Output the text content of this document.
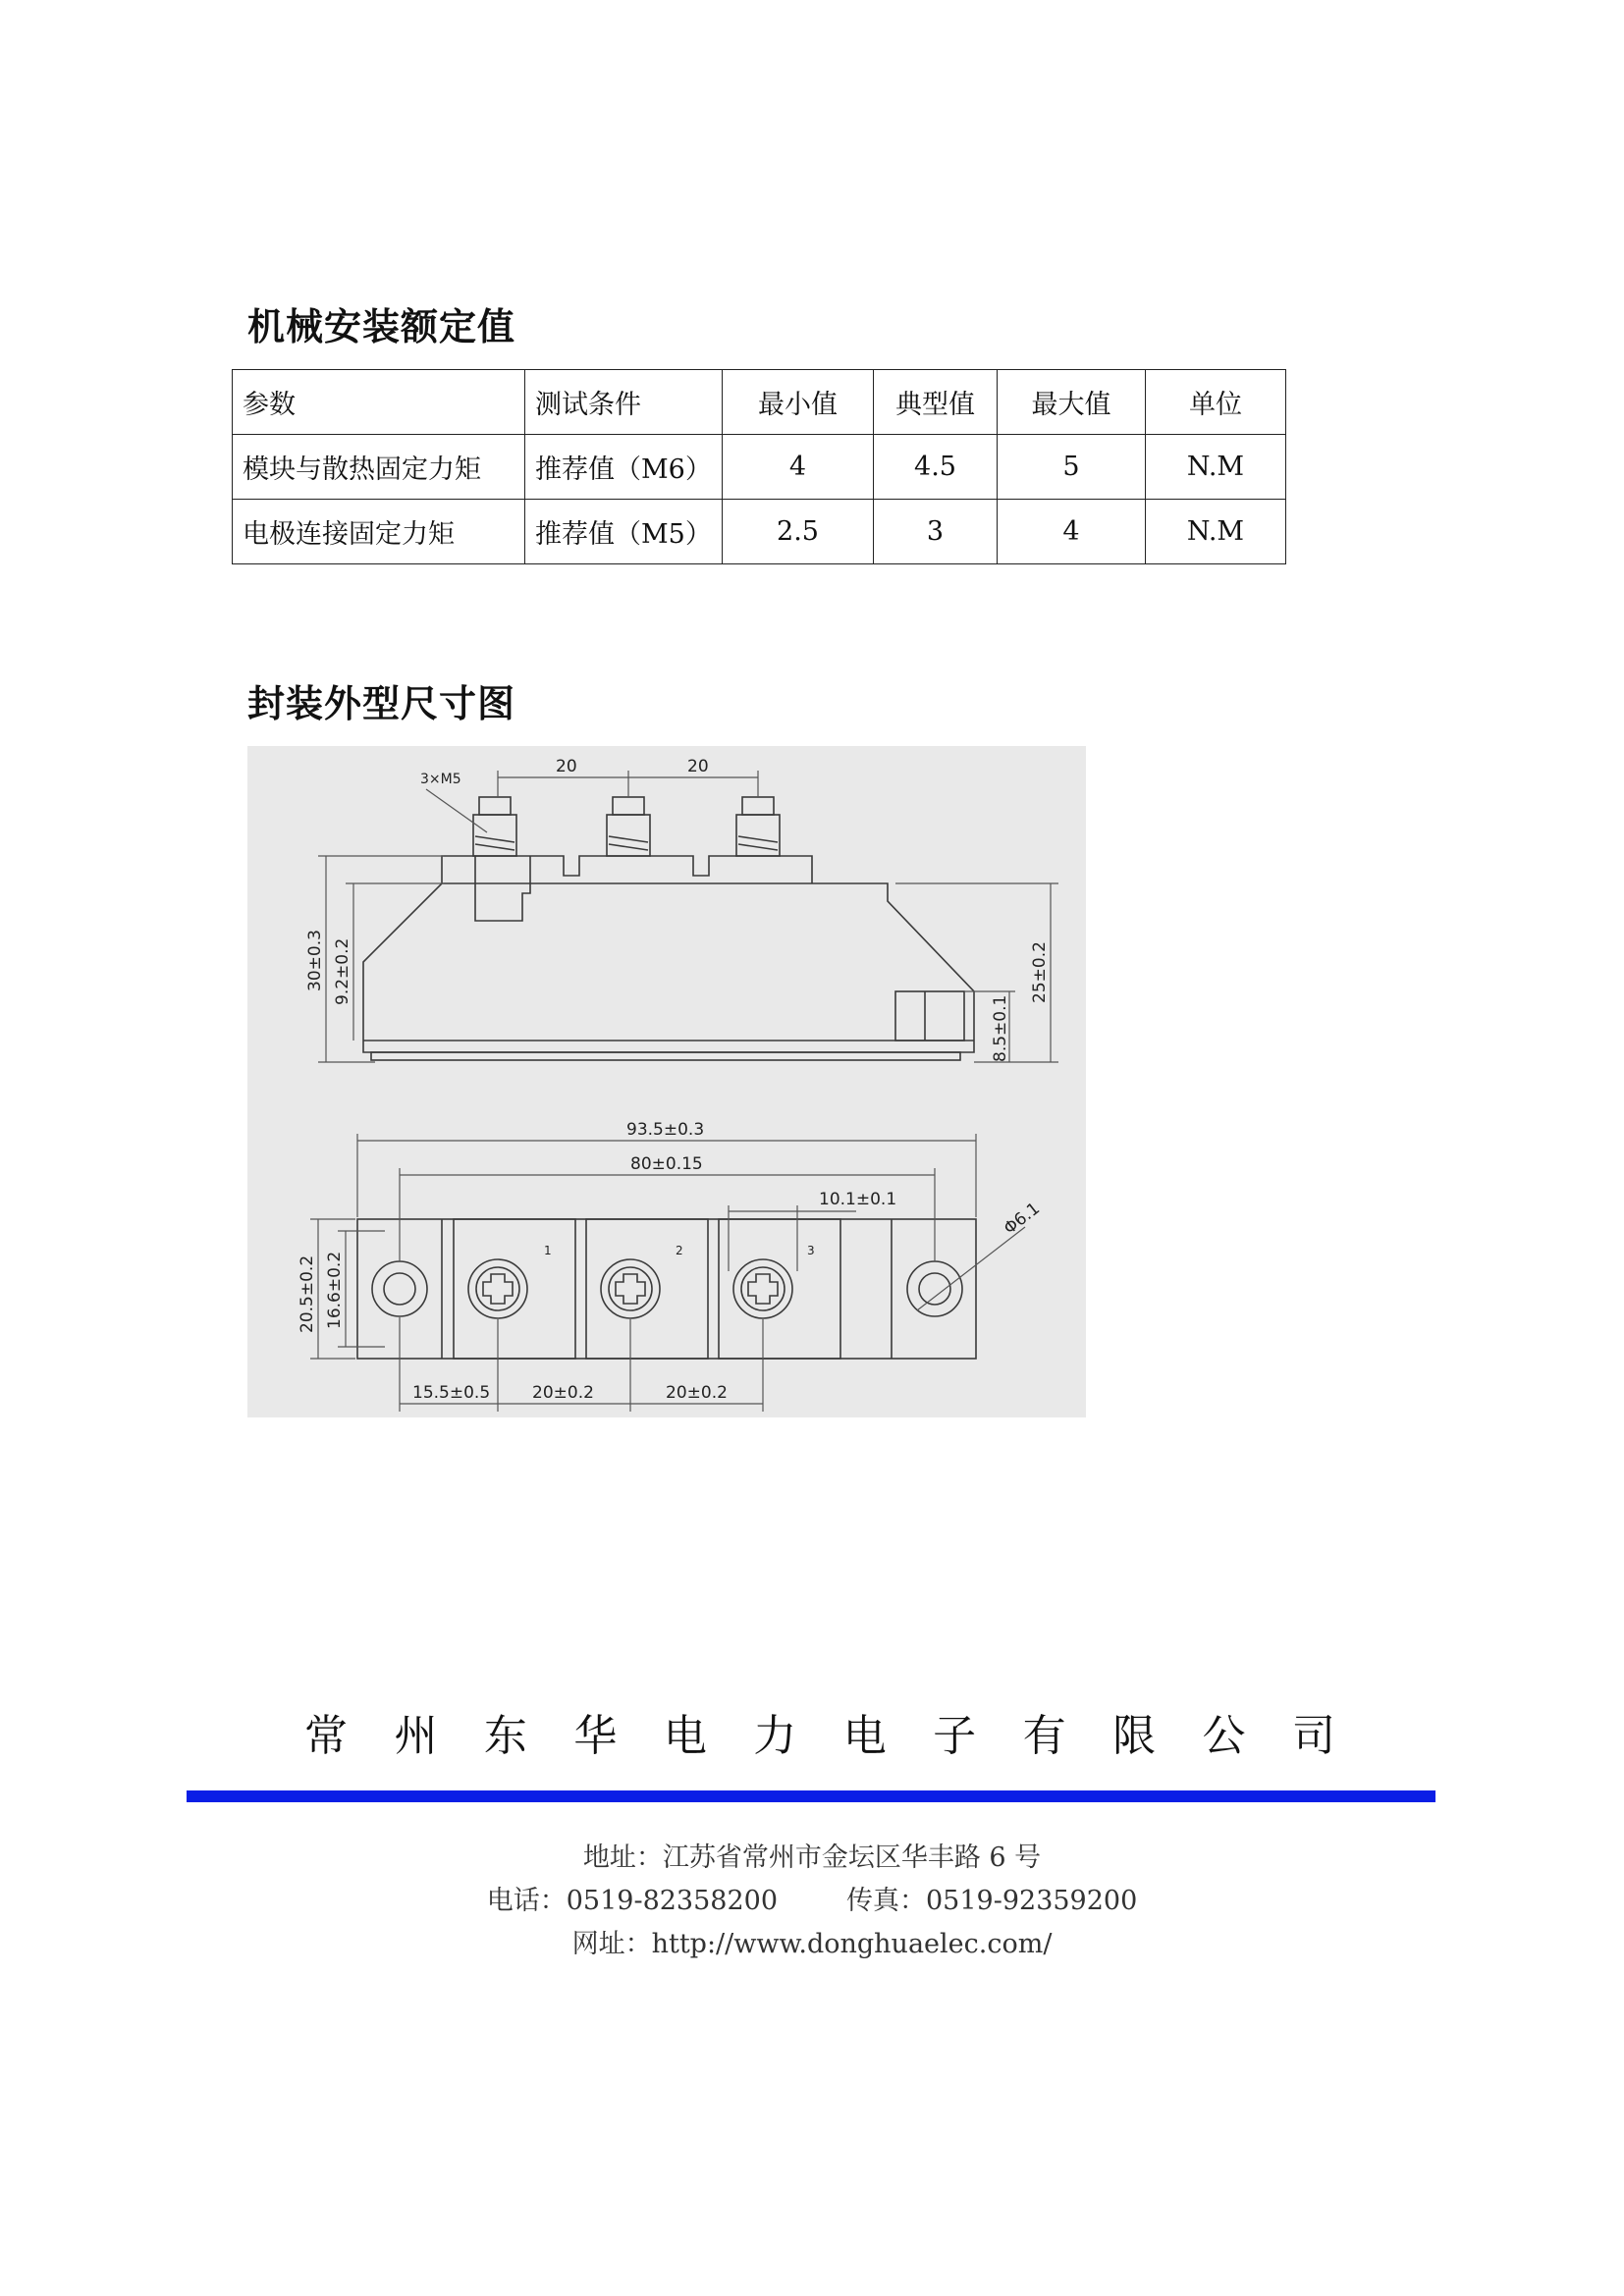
机械安装额定值
参数	测试条件	最小值	典型值	最大值	单位
模块与散热固定力矩	推荐值（M6）	4	4.5	5	N.M
电极连接固定力矩	推荐值（M5）	2.5	3	4	N.M
封装外型尺寸图
20	20
3×M5
30±0.3 9.2±0.2	25±0.2
8.5±0.1
1	2	3
93.5±0.3
80±0.15
10.1±0.1	Φ6.1
20.5±0.2 16.6±0.2
15.5±0.5	20±0.2	20±0.2
常 州 东 华 电 力 电 子 有 限 公 司
地址：江苏省常州市金坛区华丰路 6 号
电话：0519-82358200	传真：0519-92359200
网址：http://www.donghuaelec.com/
